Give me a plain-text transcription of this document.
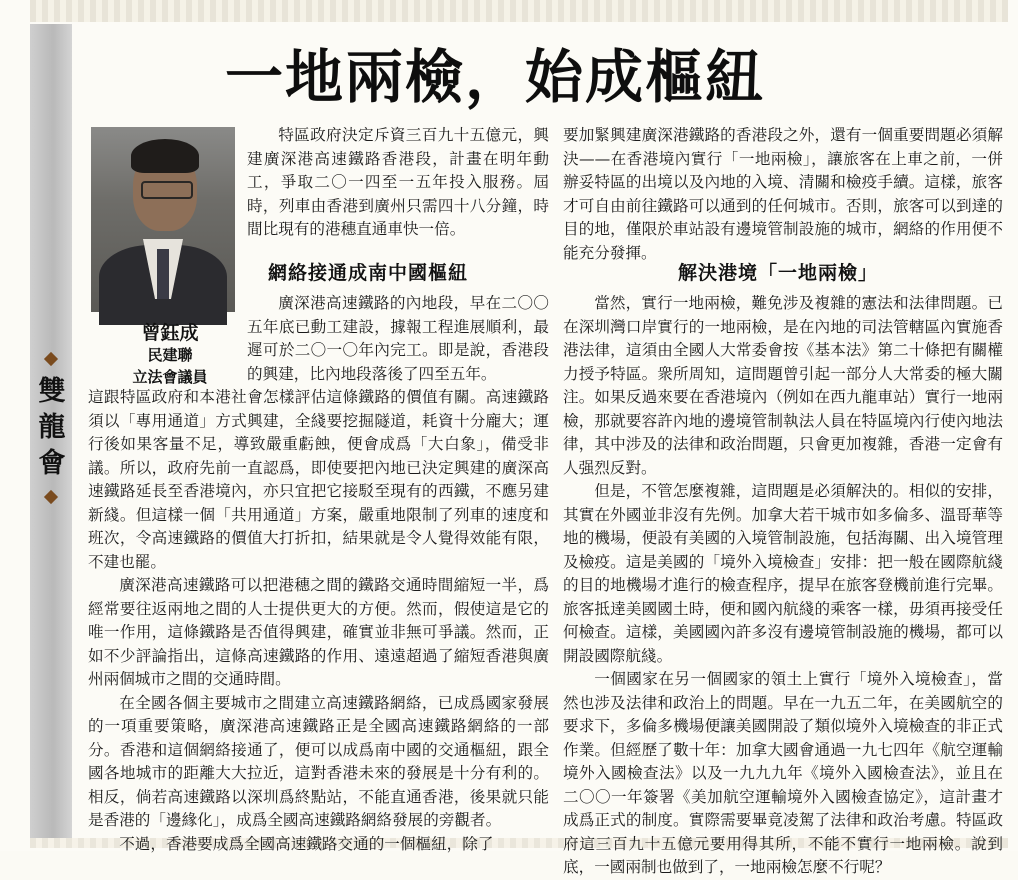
雙龍會
一地兩檢，始成樞紐
曾鈺成
民建聯
立法會議員

特區政府決定斥資三百九十五億元，興建廣深港高速鐵路香港段，計畫在明年動工，爭取二〇一四至一五年投入服務。屆時，列車由香港到廣州只需四十八分鐘，時間比現有的港穗直通車快一倍。

網絡接通成南中國樞紐

廣深港高速鐵路的內地段，早在二〇〇五年底已動工建設，據報工程進展順利，最遲可於二〇一〇年內完工。即是說，香港段的興建，比內地段落後了四至五年。

這跟特區政府和本港社會怎樣評估這條鐵路的價值有關。高速鐵路須以「專用通道」方式興建，全綫要挖掘隧道，耗資十分龐大；運行後如果客量不足，導致嚴重虧蝕，便會成爲「大白象」，備受非議。所以，政府先前一直認爲，即使要把內地已決定興建的廣深高速鐵路延長至香港境內，亦只宜把它接駁至現有的西鐵，不應另建新綫。但這樣一個「共用通道」方案，嚴重地限制了列車的速度和班次，令高速鐵路的價值大打折扣，結果就是令人覺得效能有限，不建也罷。

廣深港高速鐵路可以把港穗之間的鐵路交通時間縮短一半，爲經常要往返兩地之間的人士提供更大的方便。然而，假使這是它的唯一作用，這條鐵路是否值得興建，確實並非無可爭議。然而，正如不少評論指出，這條高速鐵路的作用、遠遠超過了縮短香港與廣州兩個城市之間的交通時間。

在全國各個主要城市之間建立高速鐵路網絡，已成爲國家發展的一項重要策略，廣深港高速鐵路正是全國高速鐵路網絡的一部分。香港和這個網絡接通了，便可以成爲南中國的交通樞紐，跟全國各地城市的距離大大拉近，這對香港未來的發展是十分有利的。相反，倘若高速鐵路以深圳爲終點站，不能直通香港，後果就只能是香港的「邊緣化」，成爲全國高速鐵路網絡發展的旁觀者。

不過，香港要成爲全國高速鐵路交通的一個樞紐，除了

要加緊興建廣深港鐵路的香港段之外，還有一個重要問題必須解決——在香港境內實行「一地兩檢」，讓旅客在上車之前，一併辦妥特區的出境以及內地的入境、清關和檢疫手續。這樣，旅客才可自由前往鐵路可以通到的任何城市。否則，旅客可以到達的目的地，僅限於車站設有邊境管制設施的城市，網絡的作用便不能充分發揮。

解決港境「一地兩檢」

當然，實行一地兩檢，難免涉及複雜的憲法和法律問題。已在深圳灣口岸實行的一地兩檢，是在內地的司法管轄區內實施香港法律，這須由全國人大常委會按《基本法》第二十條把有關權力授予特區。衆所周知，這問題曾引起一部分人大常委的極大關注。如果反過來要在香港境內（例如在西九龍車站）實行一地兩檢，那就要容許內地的邊境管制執法人員在特區境內行使內地法律，其中涉及的法律和政治問題，只會更加複雜，香港一定會有人强烈反對。

但是，不管怎麼複雜，這問題是必須解決的。相似的安排，其實在外國並非沒有先例。加拿大若干城市如多倫多、溫哥華等地的機場，便設有美國的入境管制設施，包括海關、出入境管理及檢疫。這是美國的「境外入境檢查」安排：把一般在國際航綫的目的地機場才進行的檢查程序，提早在旅客登機前進行完畢。旅客抵達美國國土時，便和國內航綫的乘客一樣，毋須再接受任何檢查。這樣，美國國內許多沒有邊境管制設施的機場，都可以開設國際航綫。

一個國家在另一個國家的領土上實行「境外入境檢查」，當然也涉及法律和政治上的問題。早在一九五二年，在美國航空的要求下，多倫多機場便讓美國開設了類似境外入境檢查的非正式作業。但經歷了數十年：加拿大國會通過一九七四年《航空運輸境外入國檢查法》以及一九九九年《境外入國檢查法》，並且在二〇〇一年簽署《美加航空運輸境外入國檢查協定》，這計畫才成爲正式的制度。實際需要畢竟凌駕了法律和政治考慮。特區政府這三百九十五億元要用得其所，不能不實行一地兩檢。說到底，一國兩制也做到了，一地兩檢怎麼不行呢？
